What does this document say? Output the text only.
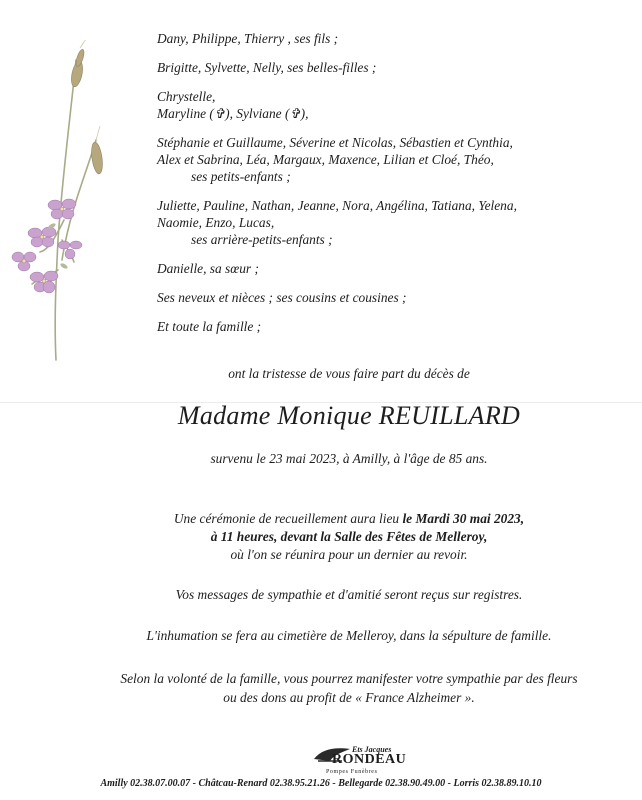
Dany, Philippe, Thierry , ses fils ;

Brigitte, Sylvette, Nelly, ses belles-filles ;

Chrystelle,
Maryline (✞), Sylviane (✞),

Stéphanie et Guillaume, Séverine et Nicolas, Sébastien et Cynthia,
Alex et Sabrina, Léa, Margaux, Maxence, Lilian et Cloé, Théo,
ses petits-enfants ;

Juliette, Pauline, Nathan, Jeanne, Nora, Angélina, Tatiana, Yelena,
Naomie, Enzo, Lucas,
ses arrière-petits-enfants ;

Danielle, sa sœur ;

Ses neveux et nièces ; ses cousins et cousines ;

Et toute la famille ;

ont la tristesse de vous faire part du décès de
Madame Monique REUILLARD
survenu le 23 mai 2023, à Amilly, à l'âge de 85 ans.
Une cérémonie de recueillement aura lieu le Mardi 30 mai 2023,
à 11 heures, devant la Salle des Fêtes de Melleroy,
où l'on se réunira pour un dernier au revoir.
Vos messages de sympathie et d'amitié seront reçus sur registres.
L'inhumation se fera au cimetière de Melleroy, dans la sépulture de famille.
Selon la volonté de la famille, vous pourrez manifester votre sympathie par des fleurs
ou des dons au profit de « France Alzheimer ».
Ets Jacques
RONDEAU
Pompes Funèbres
Amilly 02.38.07.00.07 - Châtcau-Renard 02.38.95.21.26 - Bellegarde 02.38.90.49.00 - Lorris 02.38.89.10.10
